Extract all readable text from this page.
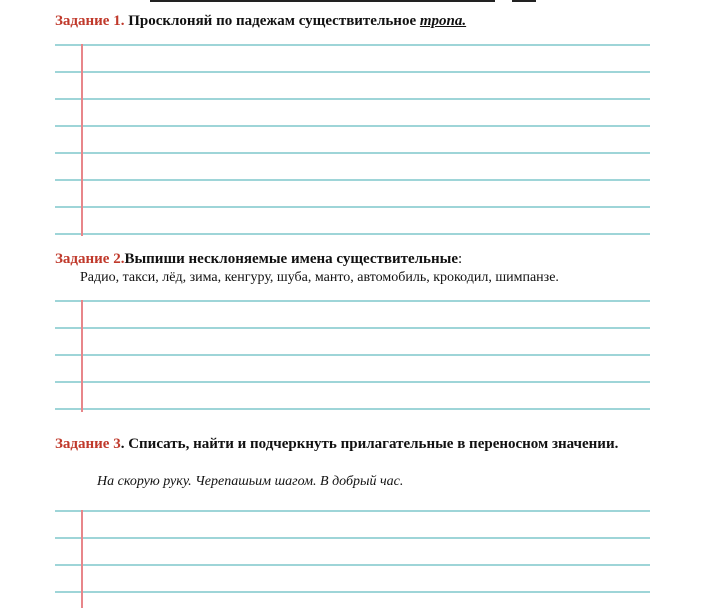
Задание 1. Просклоняй по падежам существительное тропа.

Задание 2.Выпиши несклоняемые имена существительные:

Радио, такси, лёд, зима, кенгуру, шуба, манто, автомобиль, крокодил, шимпанзе.

Задание 3. Списать, найти и подчеркнуть прилагательные в переносном значении.

На скорую руку. Черепашьим шагом. В добрый час.
